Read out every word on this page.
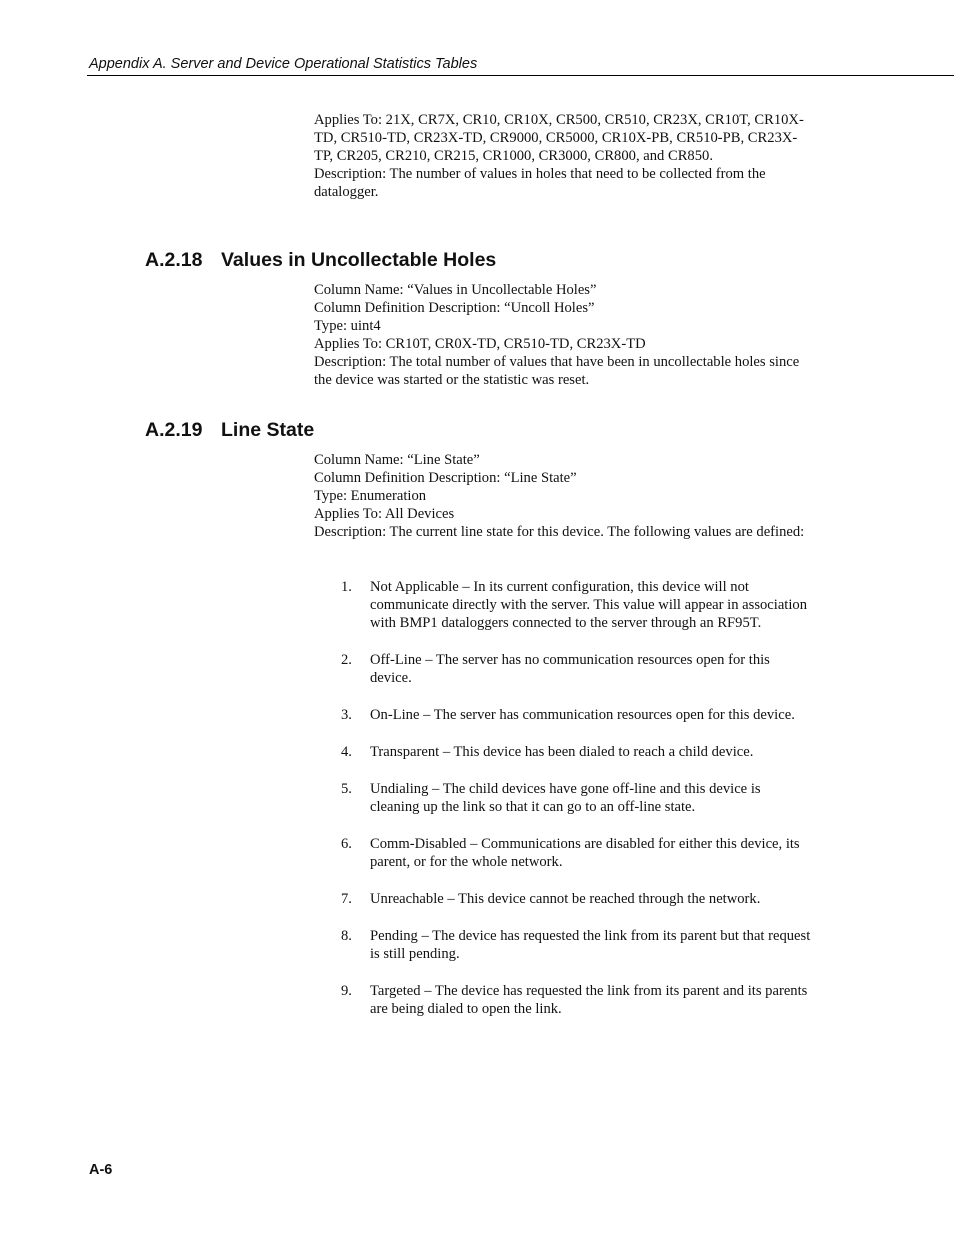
Appendix A. Server and Device Operational Statistics Tables

Applies To: 21X, CR7X, CR10, CR10X, CR500, CR510, CR23X, CR10T, CR10X-TD, CR510-TD, CR23X-TD, CR9000, CR5000, CR10X-PB, CR510-PB, CR23X-TP, CR205, CR210, CR215, CR1000, CR3000, CR800, and CR850.

Description: The number of values in holes that need to be collected from the datalogger.

A.2.18 Values in Uncollectable Holes

Column Name: “Values in Uncollectable Holes”

Column Definition Description: “Uncoll Holes”

Type: uint4

Applies To: CR10T, CR0X-TD, CR510-TD, CR23X-TD

Description: The total number of values that have been in uncollectable holes since the device was started or the statistic was reset.

A.2.19 Line State

Column Name: “Line State”

Column Definition Description: “Line State”

Type: Enumeration

Applies To: All Devices

Description: The current line state for this device. The following values are defined:

1.	Not Applicable – In its current configuration, this device will not communicate directly with the server. This value will appear in association with BMP1 dataloggers connected to the server through an RF95T.
2.	Off-Line – The server has no communication resources open for this device.
3.	On-Line – The server has communication resources open for this device.
4.	Transparent – This device has been dialed to reach a child device.
5.	Undialing – The child devices have gone off-line and this device is cleaning up the link so that it can go to an off-line state.
6.	Comm-Disabled – Communications are disabled for either this device, its parent, or for the whole network.
7.	Unreachable – This device cannot be reached through the network.
8.	Pending – The device has requested the link from its parent but that request is still pending.
9.	Targeted – The device has requested the link from its parent and its parents are being dialed to open the link.
A-6
